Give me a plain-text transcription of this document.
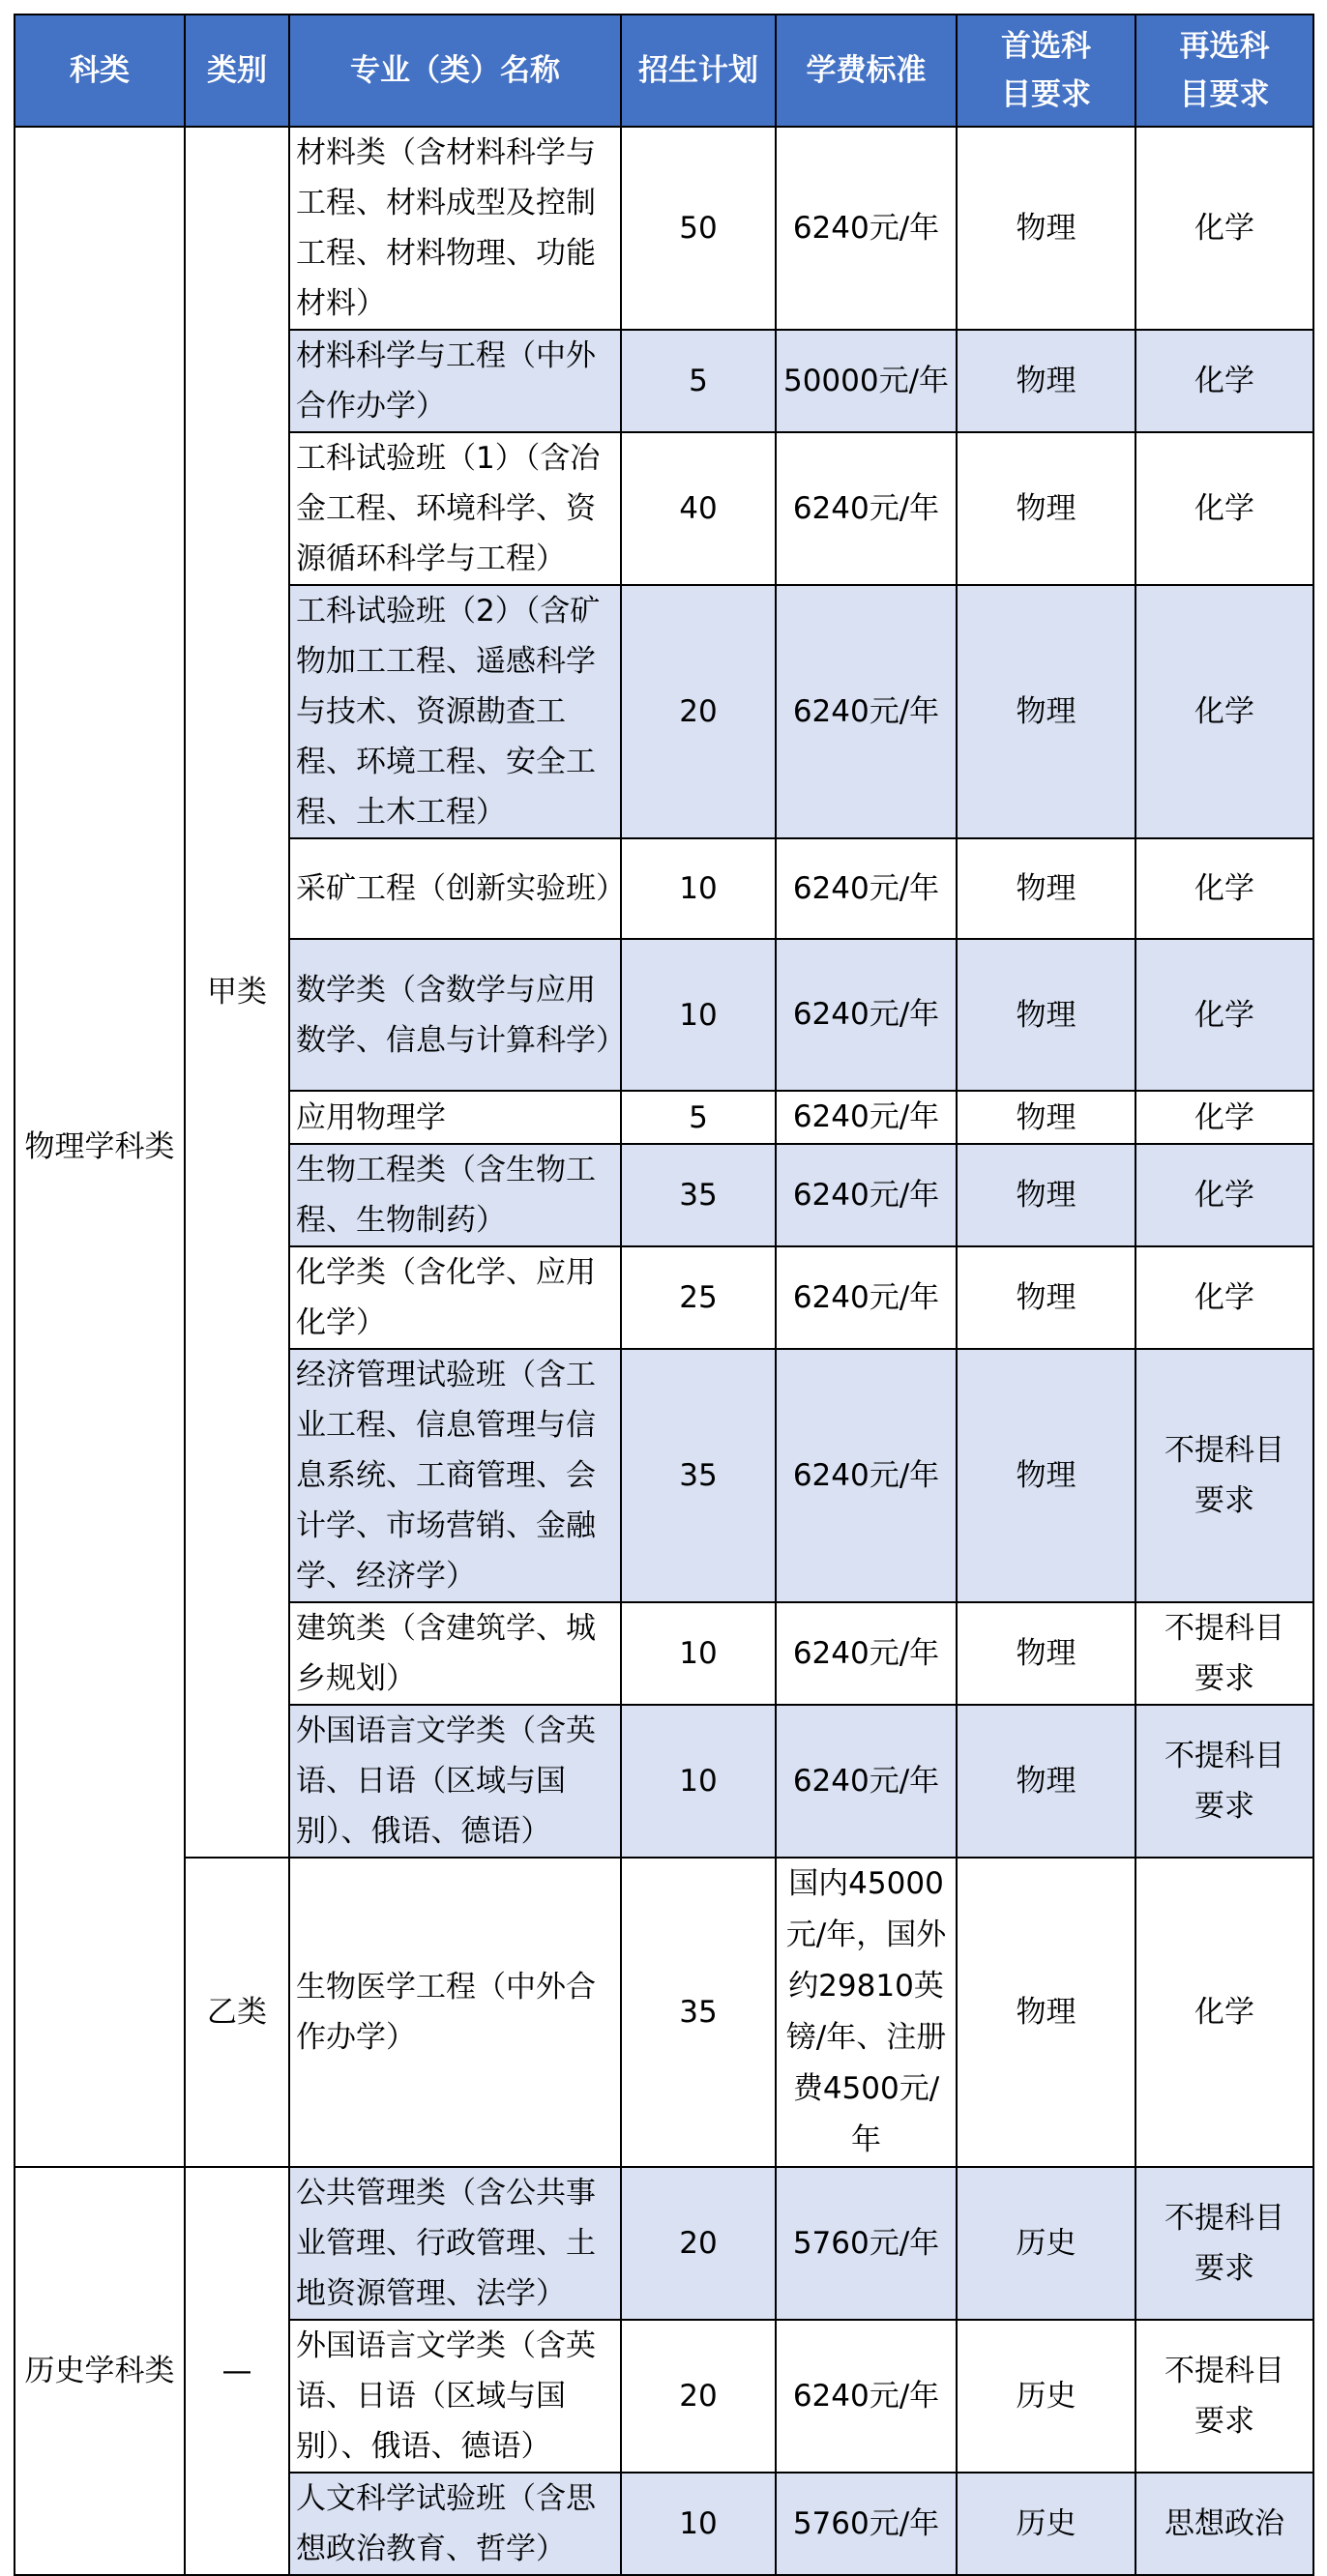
科类	类别	专业（类）名称	招生计划	学费标准	首选科目要求	再选科目要求
物理学科类	甲类	材料类（含材料科学与工程、材料成型及控制工程、材料物理、功能材料）	50	6240元/年	物理	化学
		材料科学与工程（中外合作办学）	5	50000元/年	物理	化学
		工科试验班（1）（含冶金工程、环境科学、资源循环科学与工程）	40	6240元/年	物理	化学
		工科试验班（2）（含矿物加工工程、遥感科学与技术、资源勘查工程、环境工程、安全工程、土木工程）	20	6240元/年	物理	化学
		采矿工程（创新实验班）	10	6240元/年	物理	化学
		数学类（含数学与应用数学、信息与计算科学）	10	6240元/年	物理	化学
		应用物理学	5	6240元/年	物理	化学
		生物工程类（含生物工程、生物制药）	35	6240元/年	物理	化学
		化学类（含化学、应用化学）	25	6240元/年	物理	化学
		经济管理试验班（含工业工程、信息管理与信息系统、工商管理、会计学、市场营销、金融学、经济学）	35	6240元/年	物理	不提科目要求
		建筑类（含建筑学、城乡规划）	10	6240元/年	物理	不提科目要求
		外国语言文学类（含英语、日语（区域与国别）、俄语、德语）	10	6240元/年	物理	不提科目要求
	乙类	生物医学工程（中外合作办学）	35	国内45000元/年，国外约29810英镑/年、注册费4500元/年	物理	化学
历史学科类	—	公共管理类（含公共事业管理、行政管理、土地资源管理、法学）	20	5760元/年	历史	不提科目要求
		外国语言文学类（含英语、日语（区域与国别）、俄语、德语）	20	6240元/年	历史	不提科目要求
		人文科学试验班（含思想政治教育、哲学）	10	5760元/年	历史	思想政治
